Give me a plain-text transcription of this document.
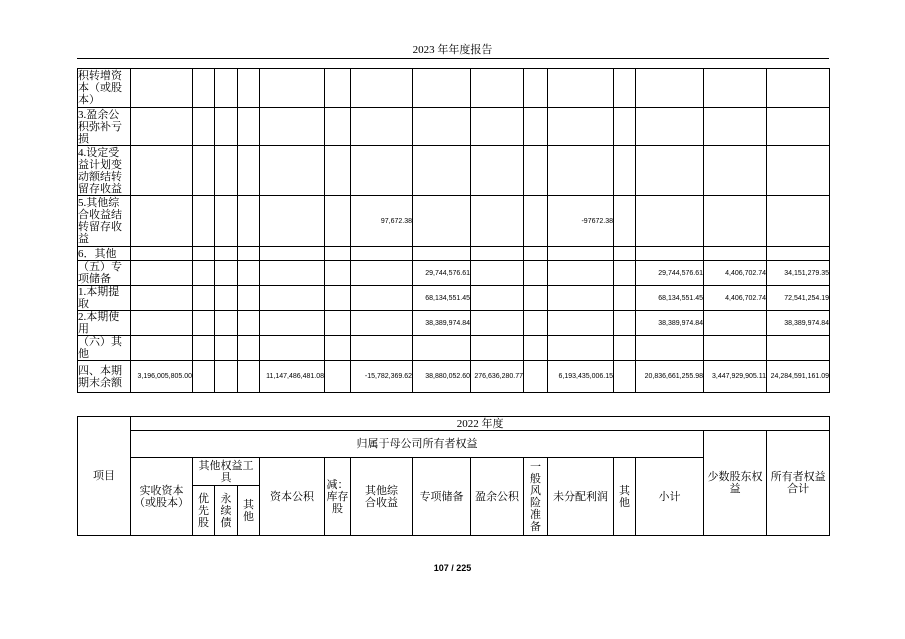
2023 年年度报告
积转增资本（或股本）															
3.盈余公积弥补亏损															
4.设定受益计划变动额结转留存收益															
5.其他综合收益结转留存收益							97,672.38				-97672.38				
6．其他															
（五）专项储备								29,744,576.61					29,744,576.61	4,406,702.74	34,151,279.35
1.本期提取								68,134,551.45					68,134,551.45	4,406,702.74	72,541,254.19
2.本期使用								38,389,974.84					38,389,974.84		38,389,974.84
（六）其他															
四、本期期末余额	3,196,005,805.00				11,147,486,481.08		-15,782,369.62	38,880,052.60	276,636,280.77		6,193,435,006.15		20,836,661,255.98	3,447,929,905.11	24,284,591,161.09
项目	2022 年度														
	归属于母公司所有者权益													少数股东权益	所有者权益合计
	实收资本（或股本）	其他权益工具			资本公积	减：库存股	其他综合收益	专项储备	盈余公积	一般风险准备	未分配利润	其他	小计		
		优先股	永续债	其他											
107 / 225
